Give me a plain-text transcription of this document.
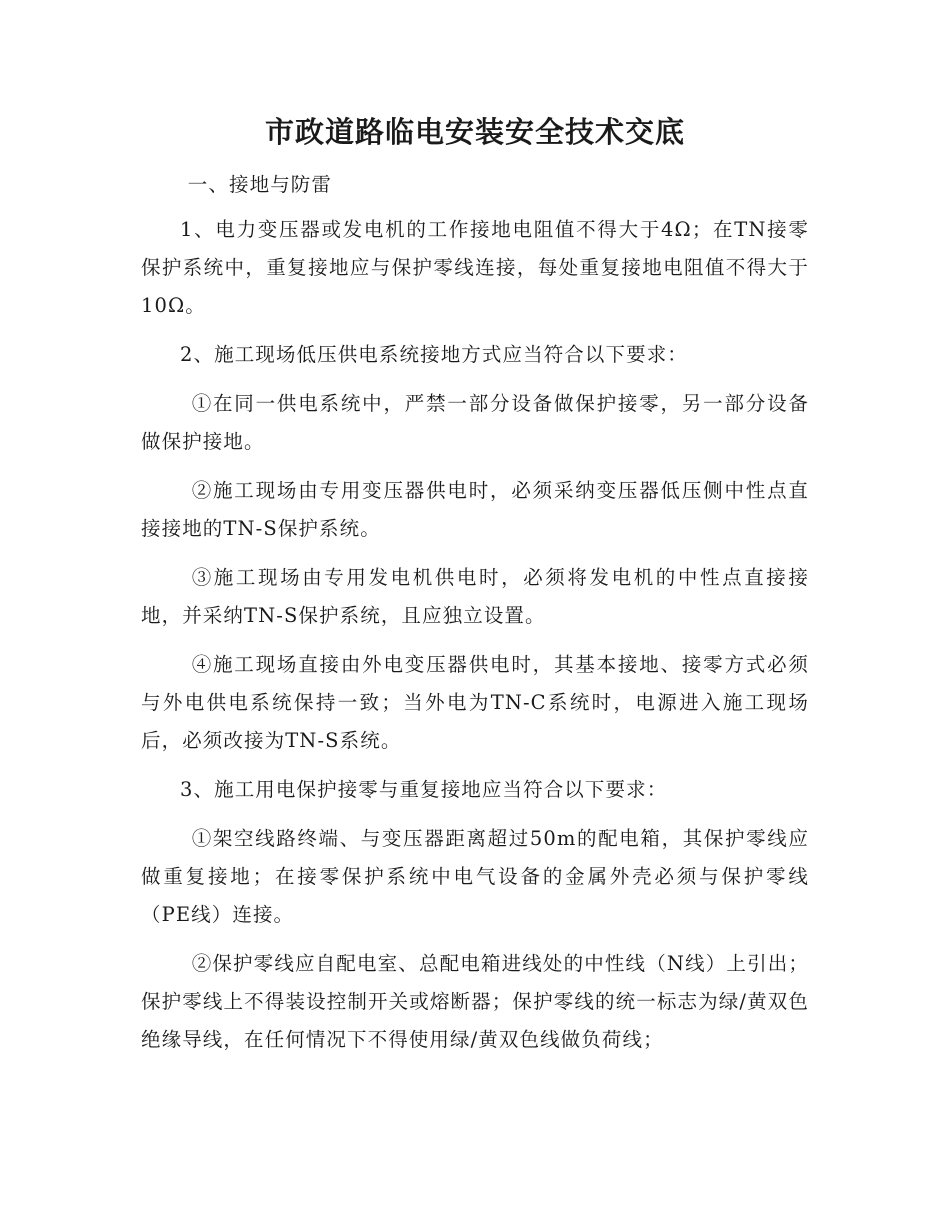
市政道路临电安装安全技术交底

一、接地与防雷

1、电力变压器或发电机的工作接地电阻值不得大于4Ω；在TN接零保护系统中，重复接地应与保护零线连接，每处重复接地电阻值不得大于10Ω。

2、施工现场低压供电系统接地方式应当符合以下要求：

①在同一供电系统中，严禁一部分设备做保护接零，另一部分设备做保护接地。

②施工现场由专用变压器供电时，必须采纳变压器低压侧中性点直接接地的TN-S保护系统。

③施工现场由专用发电机供电时，必须将发电机的中性点直接接地，并采纳TN-S保护系统，且应独立设置。

④施工现场直接由外电变压器供电时，其基本接地、接零方式必须与外电供电系统保持一致；当外电为TN-C系统时，电源进入施工现场后，必须改接为TN-S系统。

3、施工用电保护接零与重复接地应当符合以下要求：

①架空线路终端、与变压器距离超过50m的配电箱，其保护零线应做重复接地；在接零保护系统中电气设备的金属外壳必须与保护零线（PE线）连接。

②保护零线应自配电室、总配电箱进线处的中性线（N线）上引出；保护零线上不得装设控制开关或熔断器；保护零线的统一标志为绿/黄双色绝缘导线，在任何情况下不得使用绿/黄双色线做负荷线；
